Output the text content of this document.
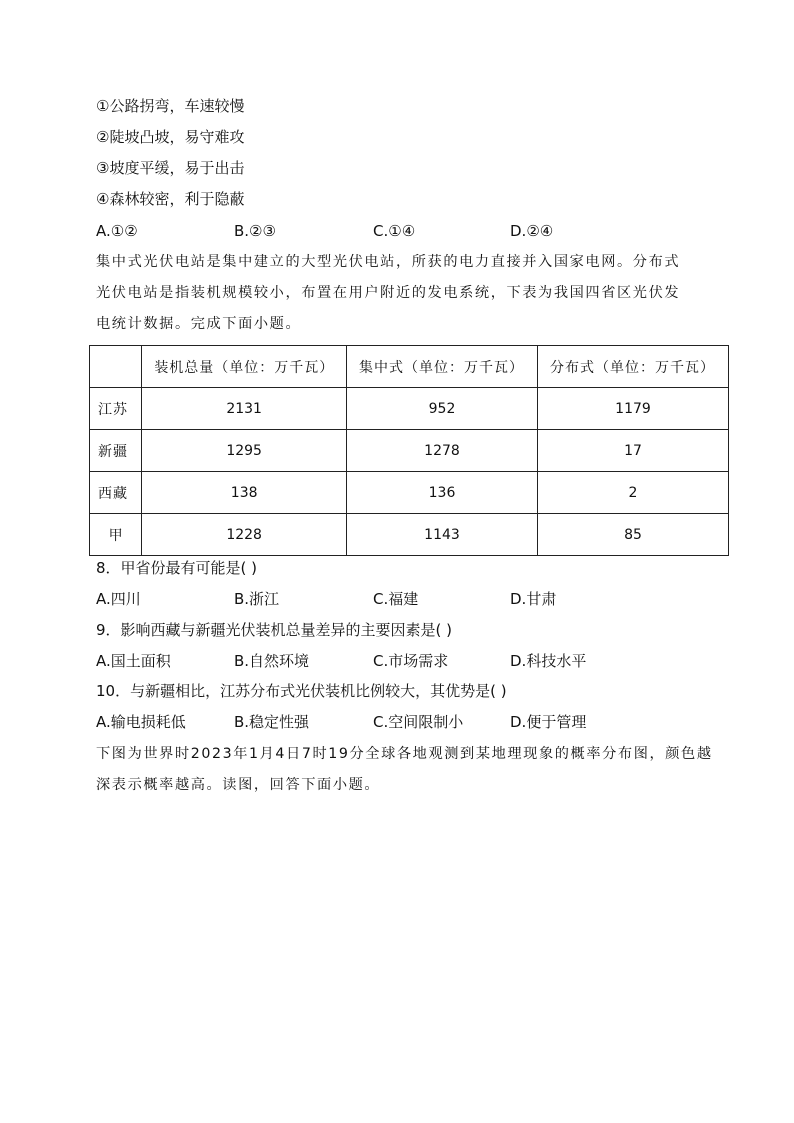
①公路拐弯，车速较慢
②陡坡凸坡，易守难攻
③坡度平缓，易于出击
④森林较密，利于隐蔽
A.①②	B.②③	C.①④	D.②④
集中式光伏电站是集中建立的大型光伏电站，所获的电力直接并入国家电网。分布式
光伏电站是指装机规模较小，布置在用户附近的发电系统，下表为我国四省区光伏发
电统计数据。完成下面小题。
	装机总量（单位：万千瓦）	集中式（单位：万千瓦）	分布式（单位：万千瓦）
江苏	2131	952	1179
新疆	1295	1278	17
西藏	138	136	2
甲	1228	1143	85
8．甲省份最有可能是( )
A.四川	B.浙江	C.福建	D.甘肃
9．影响西藏与新疆光伏装机总量差异的主要因素是( )
A.国土面积	B.自然环境	C.市场需求	D.科技水平
10．与新疆相比，江苏分布式光伏装机比例较大，其优势是( )
A.输电损耗低	B.稳定性强	C.空间限制小	D.便于管理
下图为世界时2023年1月4日7时19分全球各地观测到某地理现象的概率分布图，颜色越
深表示概率越高。读图，回答下面小题。
